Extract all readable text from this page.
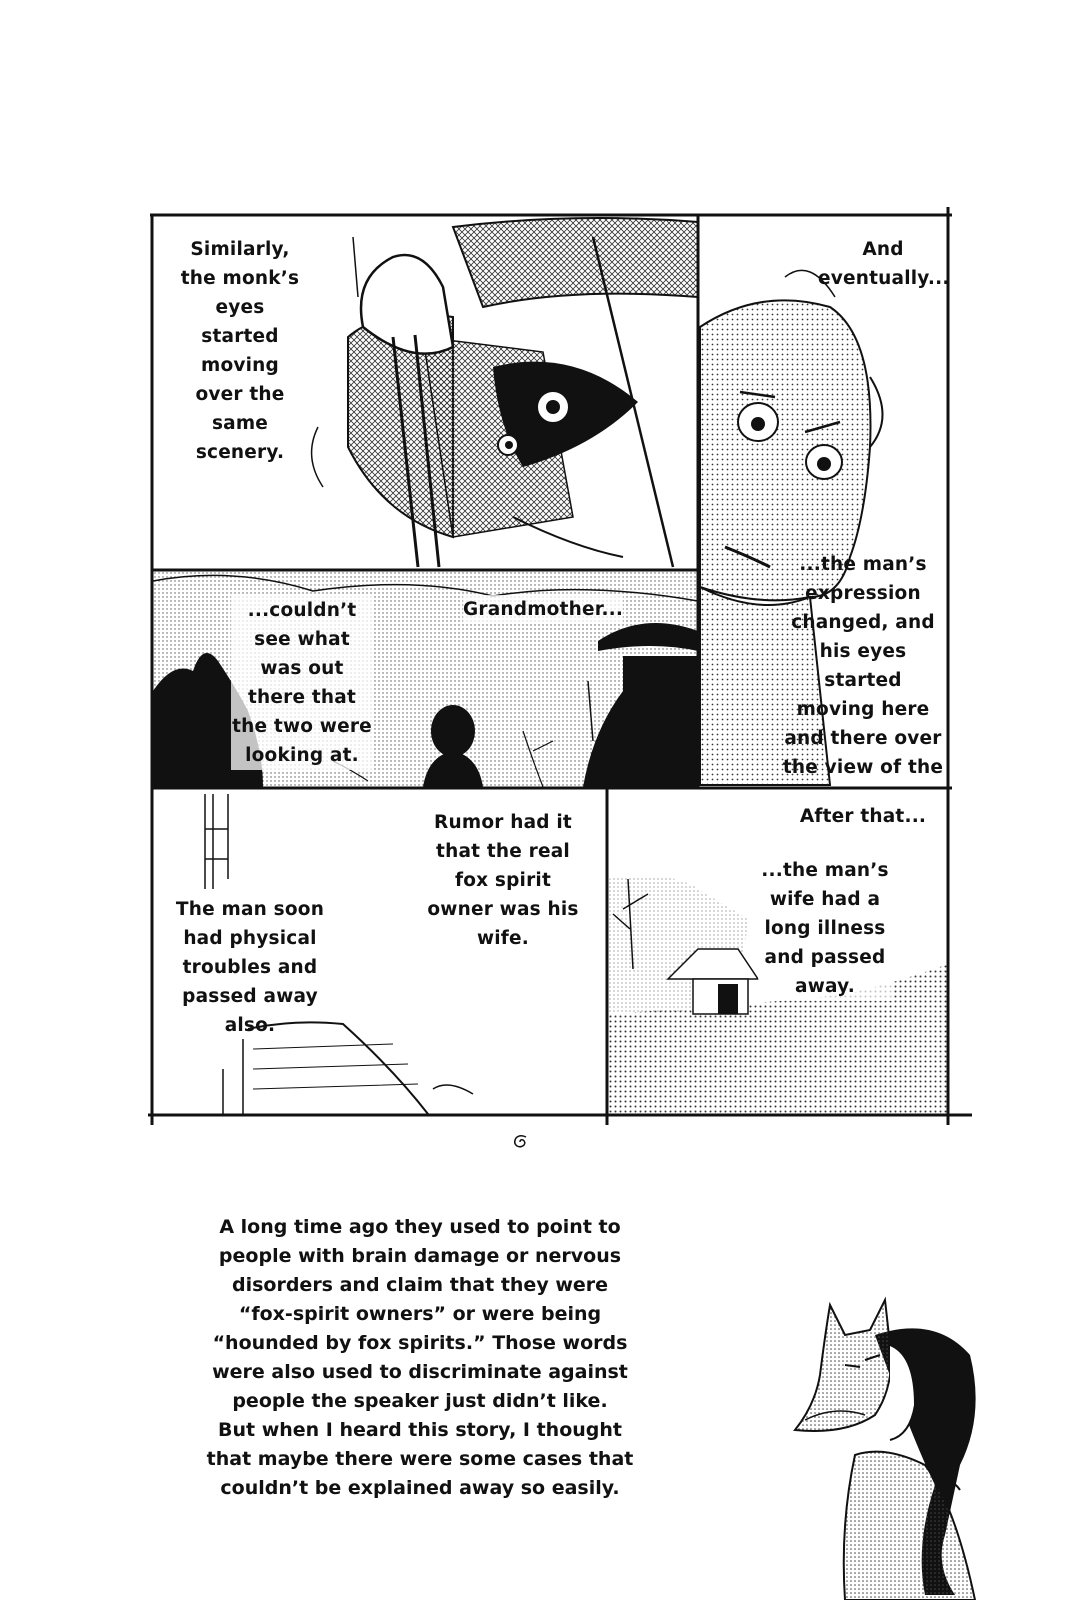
Similarly, the monk’s eyes started moving over the same scenery.
And eventually...
...the man’s expression changed, and his eyes started moving here and there over the view of the
...couldn’t see what was out there that the two were looking at.
Grandmother...
Rumor had it that the real fox spirit owner was his wife.
The man soon had physical troubles and passed away also.
After that...
...the man’s wife had a long illness and passed away.
A long time ago they used to point to
people with brain damage or nervous
disorders and claim that they were
“fox-spirit owners” or were being
“hounded by fox spirits.” Those words
were also used to discriminate against
people the speaker just didn’t like.
But when I heard this story, I thought
that maybe there were some cases that
couldn’t be explained away so easily.
